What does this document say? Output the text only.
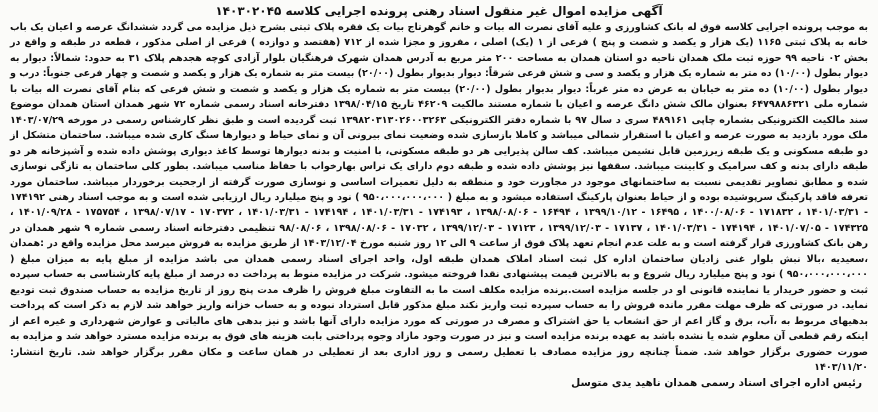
آگهی مزایده اموال غیر منقول اسناد رهنی پرونده اجرایی کلاسه ۱۴۰۳۰۲۰۴۵

به موجب پرونده اجرایی کلاسه فوق له بانک کشاورزی و علیه آقای نصرت اله بیات و خانم گوهرتاج بیات یک فقره پلاک ثبتی بشرح ذیل مزایده می گردد ششدانگ عرصه و اعیان یک باب خانه به پلاک ثبتی ۱۱۶۵ (یک هزار و یکصد و شصت و پنج ) فرعی از ۱ (یک) اصلی ، مفروز و مجزا شده از ۷۱۲ (هفتصد و دوازده ) فرعی از اصلی مذکور ، قطعه در طبقه و واقع در بخش ۰۲ ناحیه ۹۹ حوزه ثبت ملک همدان ناحیه دو استان همدان به مساحت ۲۰۰ متر مربع به آدرس همدان شهرک فرهنگیان بلوار آزادی کوچه هجدهم پلاک ۳۱ به حدود: شمالاً: دیوار به دیوار بطول (۱۰/۰۰) ده متر به شماره یک هزار و یکصد و سی و شش فرعی شرقاً: دیوار بدیوار بطول (۲۰/۰۰) بیست متر به شماره یک هزار و یکصد و شصت و چهار فرعی جنوباً: درب و دیوار بطول (۱۰/۰۰) ده متر به خیابان به عرض ده متر غرباً: دیوار بدیوار بطول (۲۰/۰۰) بیست متر به شماره یک هزار و یکصد و شصت و شش فرعی که بنام آقای نصرت اله بیات با شماره ملی ۶۴۷۹۸۸۶۳۲۱ بعنوان مالک شش دانگ عرصه و اعیان با شماره مستند مالکیت ۴۶۲۰۹ تاریخ ۱۳۹۸/۰۴/۱۵ دفترخانه اسناد رسمی شماره ۷۲ شهر همدان استان همدان موضوع سند مالکیت الکترونیکی بشماره چاپی ۴۸۹۱۶۱ سری د سال ۹۷ با شماره دفتر الکترونیکی ۱۳۹۸۲۰۳۱۳۰۲۶۰۰۳۲۶۳ ثبت گردیده است و طبق نظر کارشناس رسمی در مورخه ۱۴۰۳/۰۷/۲۹ ملک مورد بازدید به صورت عرصه و اعیان با استقرار شمالی میباشد و کاملا بازسازی شده وضعیت نمای بیرونی آن و نمای حیاط و دیوارها سنگ کاری شده میباشد. ساختمان متشکل از دو طبقه مسکونی و یک طبقه زیرزمین قابل نشیمن میباشد. کف سالن پذیرایی هر دو طبقه مسکونی، با امنیت و بدنه دیوارها توسط کاغذ دیواری پوشش داده شده و آشپزخانه هر دو طبقه دارای بدنه و کف سرامیک و کابینت میباشد. سقفها نیز پوشش داده شده و طبقه دوم دارای یک تراس بهارخواب با حفاظ مناسب میباشد. بطور کلی ساختمان به تازگی نوسازی شده و مطابق تصاویر تقدیمی نسبت به ساختمانهای موجود در مجاورت خود و منطقه به دلیل تعمیرات اساسی و نوسازی صورت گرفته از ارجحیت برخوردار میباشد. ساختمان مورد تعرفه فاقد پارکینگ سرپوشیده بوده و از حیاط بعنوان پارکینگ استفاده میشود و به مبلغ ( ۹۵۰،۰۰۰،۰۰۰،۰۰۰ ) نود و پنج میلیارد ریال ارزیابی شده است و به موجب اسناد رهنی ۱۷۴۱۹۲ - ۱۴۰۱/۰۳/۳۱ ، ۱۷۱۸۳۲ - ۱۴۰۰/۰۸/۰۶ ، ۱۶۴۹۵ - ۱۳۹۹/۱۰/۱۲ ، ۱۶۴۹۴ - ۱۳۹۸/۰۸/۰۶ ، ۱۷۴۱۹۳ - ۱۴۰۱/۰۳/۳۱ ، ۱۷۴۱۹۴ - ۱۴۰۱/۰۳/۳۱ ، ۱۷۰۳۷۲ - ۱۳۹۸/۰۷/۱۷ ، ۱۷۵۷۵۴ - ۱۴۰۱/۰۹/۲۸ ، ۱۷۴۳۲۵ - ۱۴۰۱/۰۷/۰۵ ، ۱۷۴۱۹۴ - ۱۴۰۱/۰۳/۳۱ ، ۱۷۱۳۷ - ۱۳۹۹/۱۲/۰۳ ، ۱۷۱۲۳ - ۱۳۹۹/۱۲/۰۳ ، ۱۷۰۳۲ - ۱۳۹۸/۰۸/۰۶ ، ۹۸/۰۸/۰۶ تنظیمی دفترخانه اسناد رسمی شماره ۹ شهر همدان در رهن بانک کشاورزی قرار گرفته است و به علت عدم انجام تعهد پلاک فوق از ساعت ۹ الی ۱۲ روز شنبه مورخ ۱۴۰۳/۱۲/۰۴ از طریق مزایده به فروش میرسد محل مزایده واقع در :همدان ،سعیدیه ،بالا نبش بلوار غنی زادیان ساختمان اداره کل ثبت اسناد املاک همدان طبقه اول، واحد اجرای اسناد رسمی همدان می باشد مزایده از مبلغ پایه به میزان مبلغ ( ۹۵۰،۰۰۰،۰۰۰،۰۰۰ ) نود و پنج میلیارد ریال شروع و به بالاترین قیمت پیشنهادی نقدا فروخته میشود. شرکت در مزایده منوط به پرداخت ده درصد از مبلغ پایه کارشناسی به حساب سپرده ثبت و حضور خریدار یا نماینده قانونی او در جلسه مزایده است.برنده مزایده مکلف است ما به التفاوت مبلغ فروش را ظرف مدت پنج روز از تاریخ مزایده به حساب صندوق ثبت تودیع نماید. در صورتی که ظرف مهلت مقرر مانده فروش را به حساب سپرده ثبت واریز نکند مبلغ مذکور قابل استرداد نبوده و به حساب خزانه واریز خواهد شد لازم به ذکر است که پرداخت بدهیهای مربوط به ،آب، برق و گاز اعم از حق انشعاب یا حق اشتراک و مصرف در صورتی که مورد مزایده دارای آنها باشد و نیز بدهی های مالیاتی و عوارض شهرداری و غیره اعم از اینکه رقم قطعی آن معلوم شده یا نشده باشد به عهده برنده مزایده است و نیز در صورت وجود مازاد وجوه پرداختی بابت هزینه های فوق به برنده مزایده مسترد خواهد شد و مزایده به صورت حضوری برگزار خواهد شد. ضمناً چنانچه روز مزایده مصادف با تعطیل رسمی و روز اداری بعد از تعطیلی در همان ساعت و مکان مقرر برگزار خواهد شد. تاریخ انتشار: ۱۴۰۳/۱۱/۲۰

رئیس اداره اجرای اسناد رسمی همدان ناهید یدی متوسل
